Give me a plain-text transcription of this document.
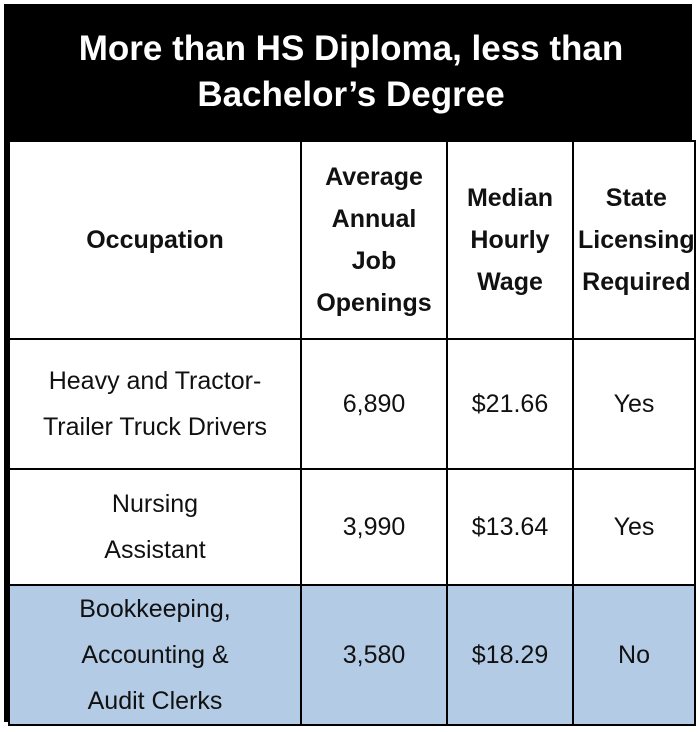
More than HS Diploma, less than Bachelor’s Degree
Occupation	Average Annual Job Openings	Median Hourly Wage	State Licensing Required
Heavy and Tractor-Trailer Truck Drivers	6,890	$21.66	Yes
Nursing Assistant	3,990	$13.64	Yes
Bookkeeping, Accounting & Audit Clerks	3,580	$18.29	No
